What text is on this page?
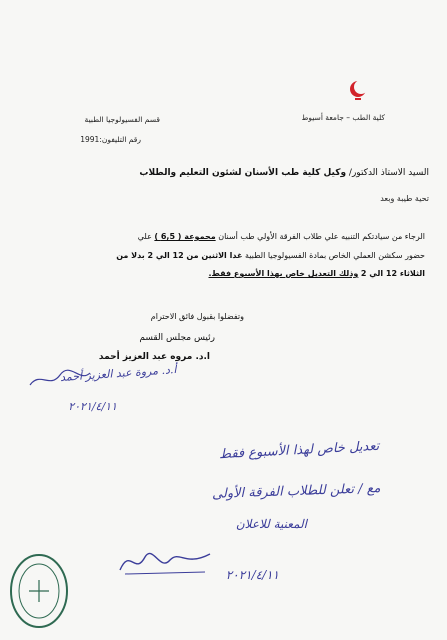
كلية الطب – جامعة أسيوط
قسم الفسيولوجيا الطبية
رقم التليفون:1991
السيد الاستاذ الدكتور/ وكيل كلية طب الأسنان لشئون التعليم والطلاب
تحية طيبة وبعد
الرجاء من سيادتكم التنبيه علي طلاب الفرقة الأولي طب أسنان مجموعة ( 6,5 ) علي
حضور سكشن العملي الخاص بمادة الفسيولوجيا الطبية غدا الاثنين من 12 الي 2 بدلا من
الثلاثاء 12 الي 2 وذلك التعديل خاص بهذا الأسبوع فقط.
وتفضلوا بقبول فائق الاحترام
رئيس مجلس القسم
ا.د. مروه عبد العزيز أحمد
أ.د. مروة عبد العزيز أحمد
٢٠٢١/٤/١١
تعديل خاص لهذا الأسبوع فقط
مع / تعلن للطلاب الفرقة الأولى
المعنية للاعلان
٢٠٢١/٤/١١
